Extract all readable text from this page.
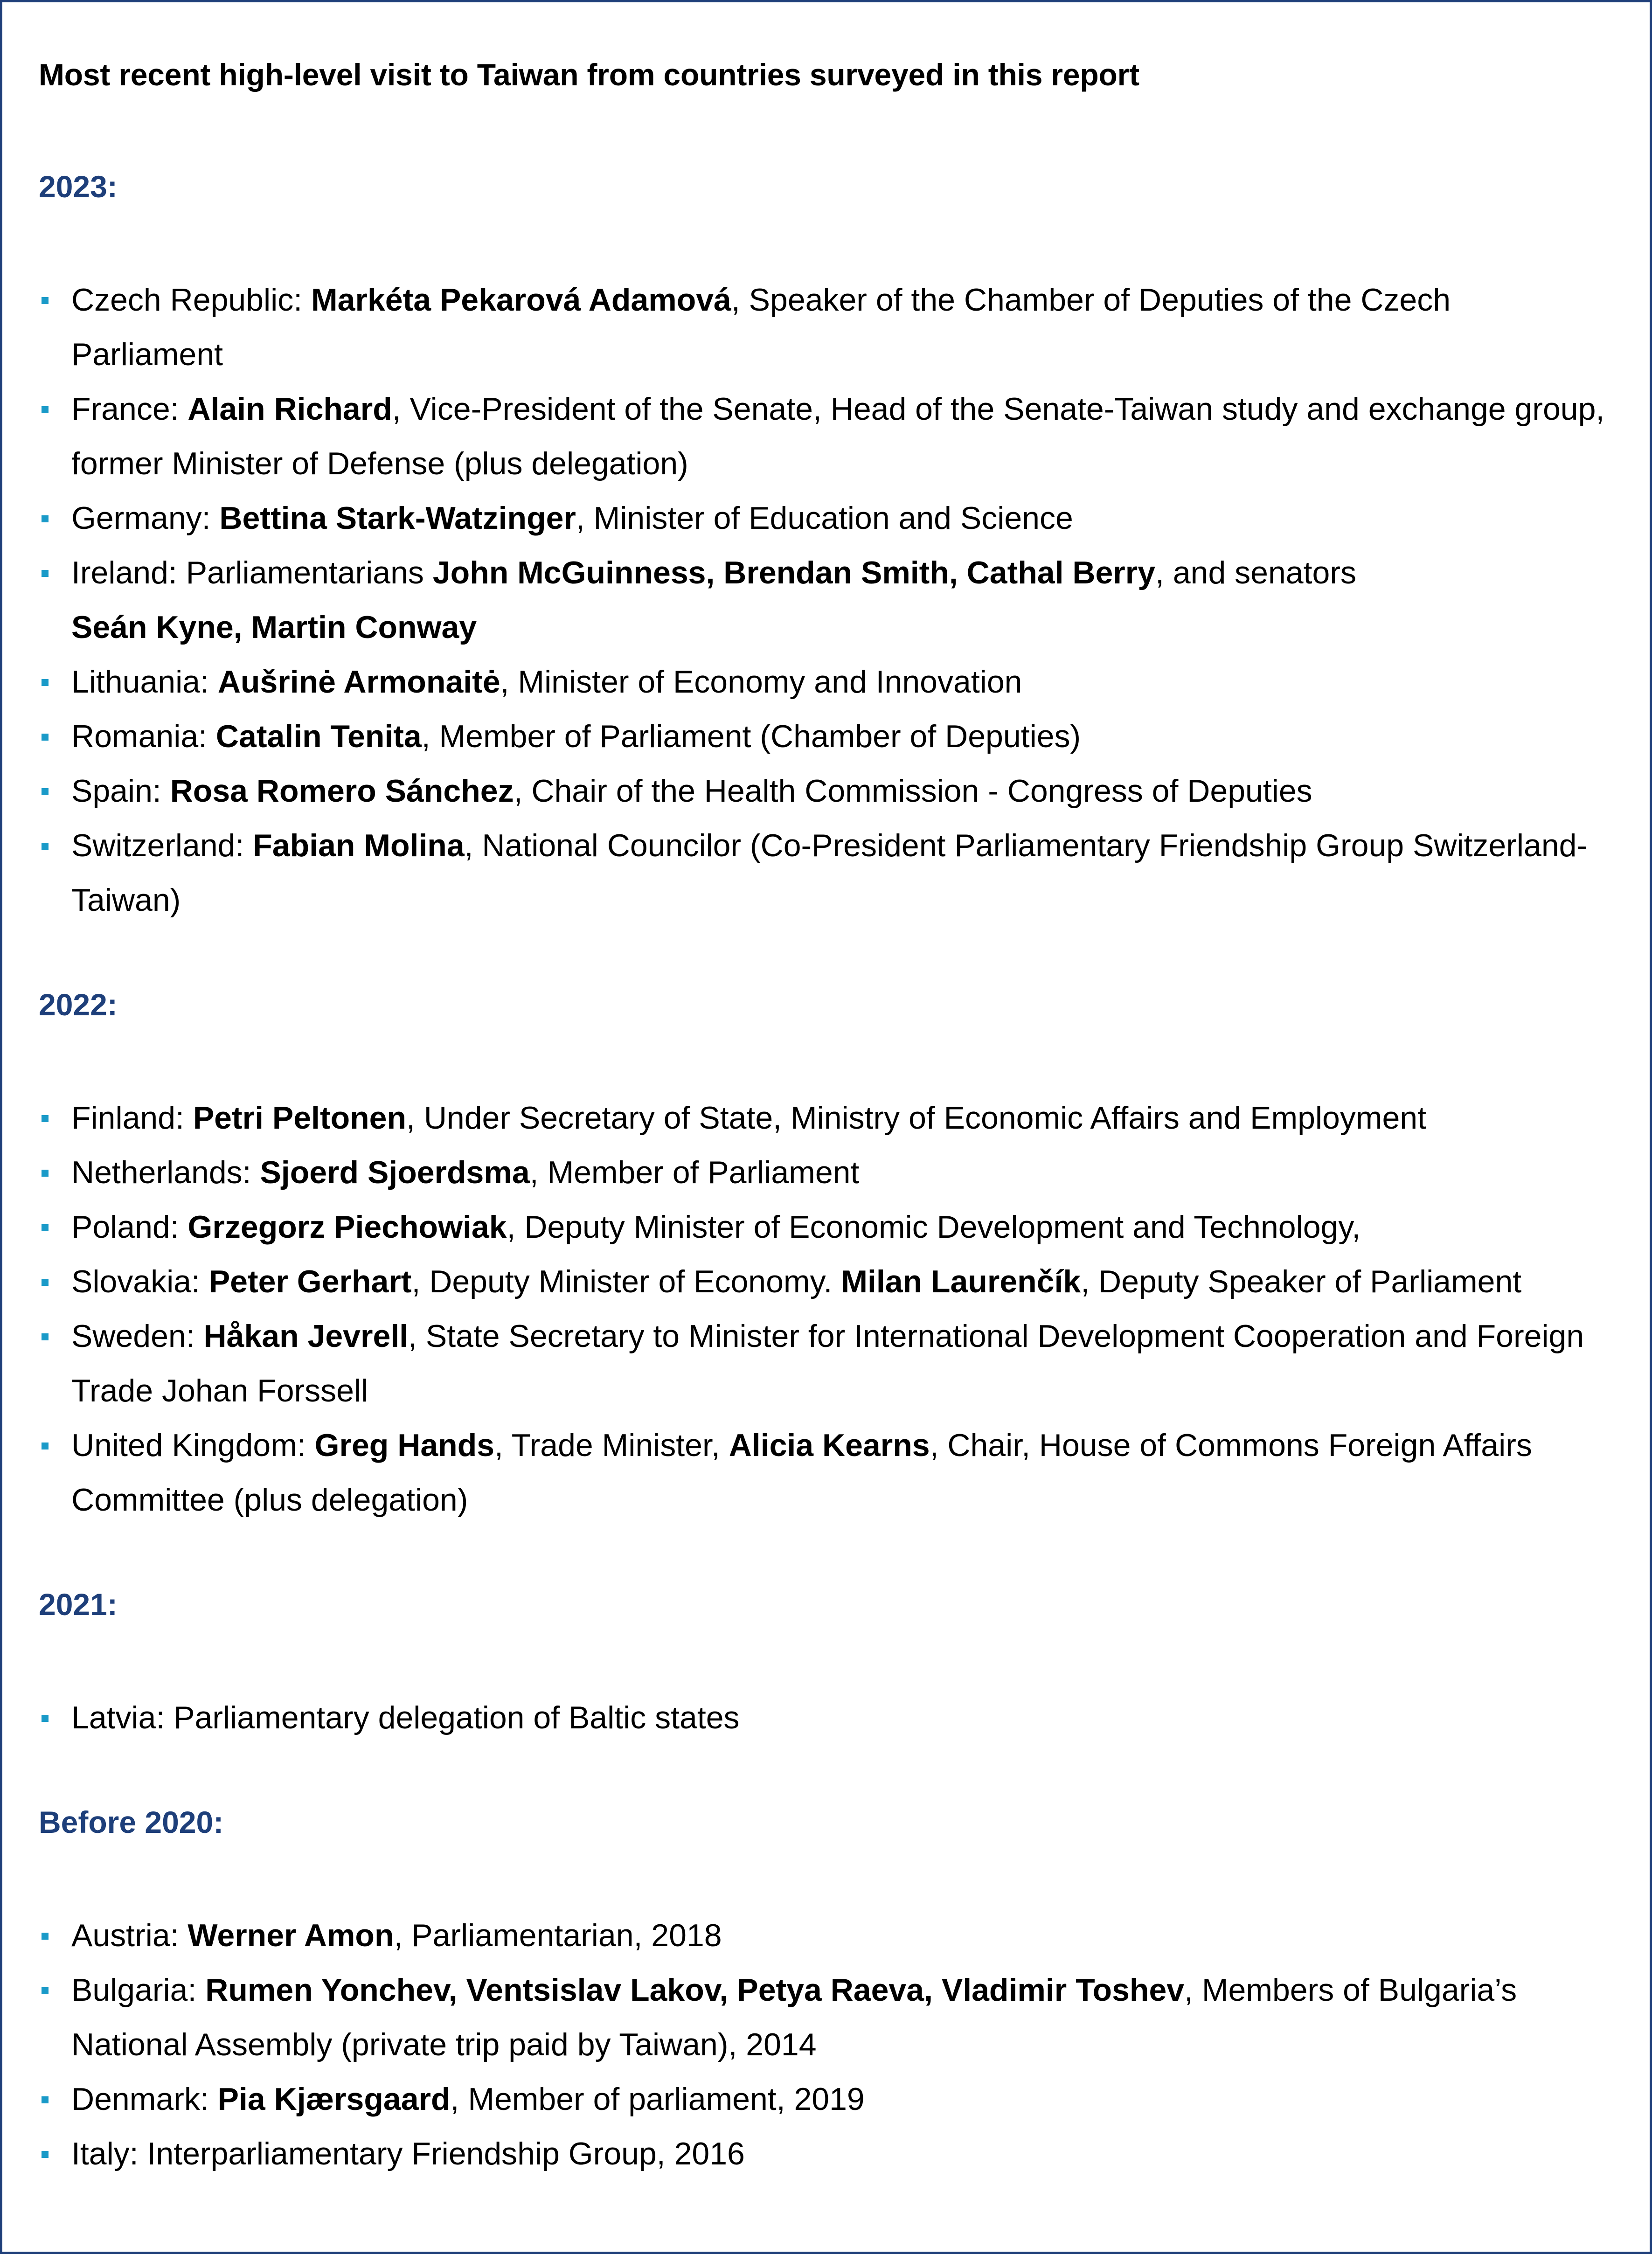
Most recent high-level visit to Taiwan from countries surveyed in this report
2023:
Czech Republic: Markéta Pekarová Adamová, Speaker of the Chamber of Deputies of the Czech Parliament
France: Alain Richard, Vice-President of the Senate, Head of the Senate-Taiwan study and exchange group, former Minister of Defense (plus delegation)
Germany: Bettina Stark-Watzinger, Minister of Education and Science
Ireland: Parliamentarians John McGuinness, Brendan Smith, Cathal Berry, and senators
Seán Kyne, Martin Conway
Lithuania: Aušrinė Armonaitė, Minister of Economy and Innovation
Romania: Catalin Tenita, Member of Parliament (Chamber of Deputies)
Spain: Rosa Romero Sánchez, Chair of the Health Commission - Congress of Deputies
Switzerland: Fabian Molina, National Councilor (Co-President Parliamentary Friendship Group Switzerland-Taiwan)
2022:
Finland: Petri Peltonen, Under Secretary of State, Ministry of Economic Affairs and Employment
Netherlands: Sjoerd Sjoerdsma, Member of Parliament
Poland: Grzegorz Piechowiak, Deputy Minister of Economic Development and Technology,
Slovakia: Peter Gerhart, Deputy Minister of Economy. Milan Laurenčík, Deputy Speaker of Parliament
Sweden: Håkan Jevrell, State Secretary to Minister for International Development Cooperation and Foreign Trade Johan Forssell
United Kingdom: Greg Hands, Trade Minister, Alicia Kearns, Chair, House of Commons Foreign Affairs Committee (plus delegation)
2021:
Latvia: Parliamentary delegation of Baltic states
Before 2020:
Austria: Werner Amon, Parliamentarian, 2018
Bulgaria: Rumen Yonchev, Ventsislav Lakov, Petya Raeva, Vladimir Toshev, Members of Bulgaria’s National Assembly (private trip paid by Taiwan), 2014
Denmark: Pia Kjærsgaard, Member of parliament, 2019
Italy: Interparliamentary Friendship Group, 2016
